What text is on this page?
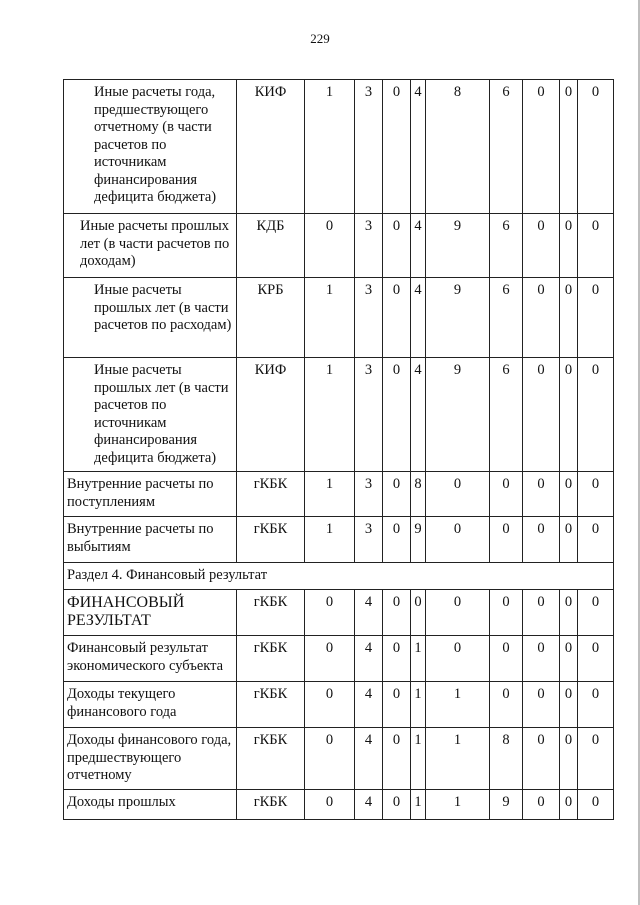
229
Иные расчеты года, предшествующего отчетному (в части расчетов по источникам финансирования дефицита бюджета)	КИФ	1	3	0	4	8	6	0	0	0
Иные расчеты прошлых лет (в части расчетов по доходам)	КДБ	0	3	0	4	9	6	0	0	0
Иные расчеты прошлых лет (в части расчетов по расходам)	КРБ	1	3	0	4	9	6	0	0	0
Иные расчеты прошлых лет (в части расчетов по источникам финансирования дефицита бюджета)	КИФ	1	3	0	4	9	6	0	0	0
Внутренние расчеты по поступлениям	гКБК	1	3	0	8	0	0	0	0	0
Внутренние расчеты по выбытиям	гКБК	1	3	0	9	0	0	0	0	0
Раздел 4. Финансовый результат										
ФИНАНСОВЫЙ РЕЗУЛЬТАТ	гКБК	0	4	0	0	0	0	0	0	0
Финансовый результат экономического субъекта	гКБК	0	4	0	1	0	0	0	0	0
Доходы текущего финансового года	гКБК	0	4	0	1	1	0	0	0	0
Доходы финансового года, предшествующего отчетному	гКБК	0	4	0	1	1	8	0	0	0
Доходы прошлых	гКБК	0	4	0	1	1	9	0	0	0
